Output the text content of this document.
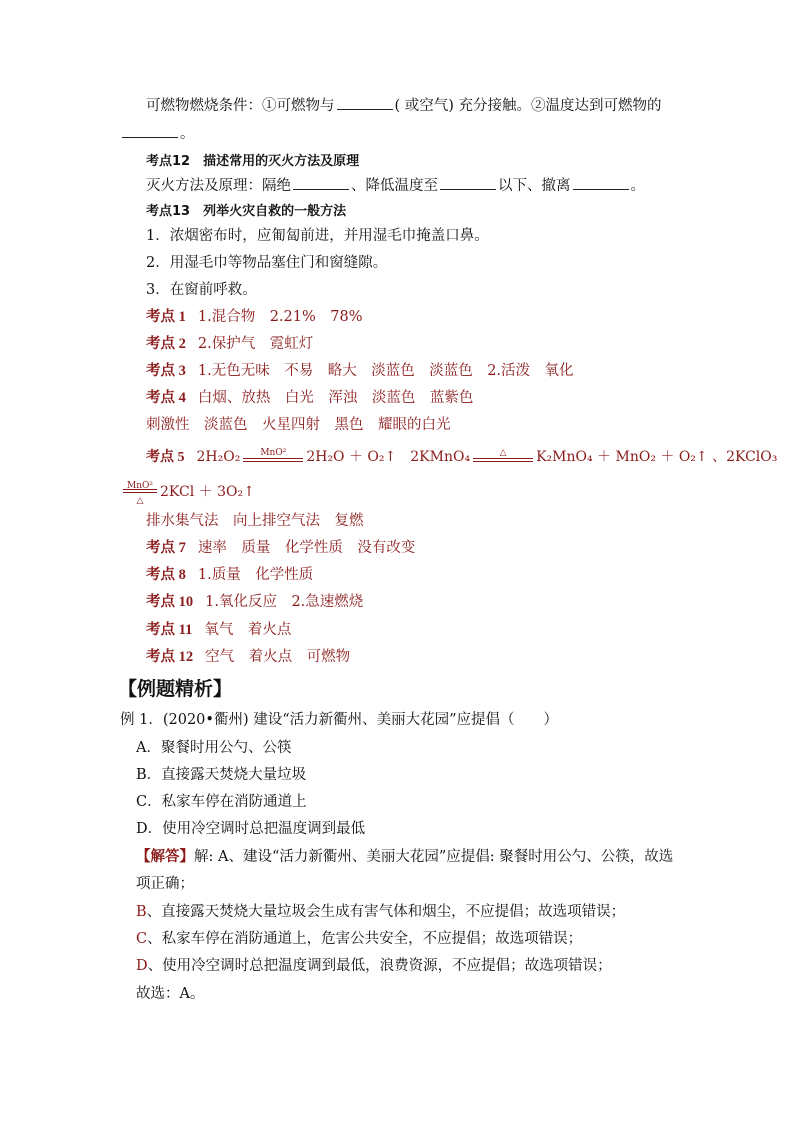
可燃物燃烧条件：①可燃物与	( 或空气) 充分接触。②温度达到可燃物的
。
考点12　描述常用的灭火方法及原理
灭火方法及原理：隔绝	、降低温度至	以下、撤离	。
考点13　列举火灾自救的一般方法
1．浓烟密布时，应匍匐前进，并用湿毛巾掩盖口鼻。
2．用湿毛巾等物品塞住门和窗缝隙。
3．在窗前呼救。
考点 1 1.混合物　2.21%　78%
考点 2 2.保护气　霓虹灯
考点 3 1.无色无味　不易　略大　淡蓝色　淡蓝色　2.活泼　氧化
考点 4 白烟、放热　白光　浑浊　淡蓝色　蓝紫色
刺激性　淡蓝色　火星四射　黑色　耀眼的白光
考点 5 2H₂O₂	MnO²	2H₂O ＋ O₂↑ 2KMnO₄	△	K₂MnO₄ ＋ MnO₂ ＋ O₂↑ 、2KClO₃
MnO²
△
2KCl ＋ 3O₂↑
排水集气法　向上排空气法　复燃
考点 7 速率　质量　化学性质　没有改变
考点 8 1.质量　化学性质
考点 10 1.氧化反应　2.急速燃烧
考点 11 氧气　着火点
考点 12 空气　着火点　可燃物
【例题精析】
例 1．(2020•衢州) 建设“活力新衢州、美丽大花园”应提倡（　　）
A．聚餐时用公勺、公筷
B．直接露天焚烧大量垃圾
C．私家车停在消防通道上
D．使用冷空调时总把温度调到最低
【解答】解: A、建设“活力新衢州、美丽大花园”应提倡: 聚餐时用公勺、公筷，故选
项正确；
B、直接露天焚烧大量垃圾会生成有害气体和烟尘，不应提倡；故选项错误；
C、私家车停在消防通道上，危害公共安全，不应提倡；故选项错误；
D、使用冷空调时总把温度调到最低，浪费资源，不应提倡；故选项错误；
故选：A。
